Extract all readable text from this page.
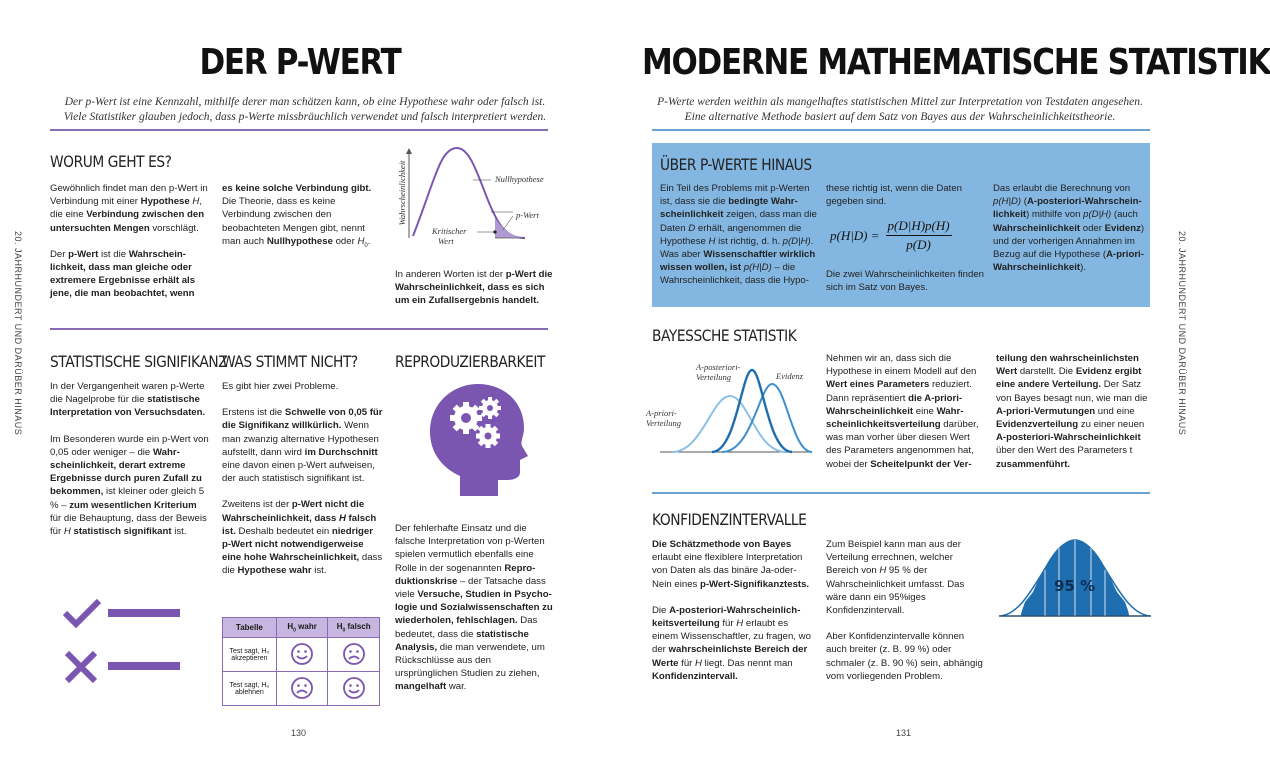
DER P-WERT
Der p-Wert ist eine Kennzahl, mithilfe derer man schätzen kann, ob eine Hypothese wahr oder falsch ist.
Viele Statistiker glauben jedoch, dass p-Werte missbräuchlich verwendet und falsch interpretiert werden.
WORUM GEHT ES?

Gewöhnlich findet man den p-Wert in Verbindung mit einer Hypothese H, die eine Verbindung zwischen den untersuchten Mengen vorschlägt.

Der p-Wert ist die Wahrscheinlichkeit, dass man gleiche oder extremere Ergebnisse erhält als jene, die man beobachtet, wenn

es keine solche Verbindung gibt. Die Theorie, dass es keine Verbindung zwischen den beobachteten Mengen gibt, nennt man auch Nullhypothese oder $H_0$.

Wahrscheinlichkeit	Nullhypothese
p-Wert
Kritischer
Wert

In anderen Worten ist der p-Wert die Wahrscheinlichkeit, dass es sich um ein Zufallsergebnis handelt.

STATISTISCHE SIGNIFIKANZ

In der Vergangenheit waren p-Werte die Nagelprobe für die statistische Interpretation von Versuchsdaten.

Im Besonderen wurde ein p-Wert von 0,05 oder weniger – die Wahrscheinlichkeit, derart extreme Ergebnisse durch puren Zufall zu bekommen, ist kleiner oder gleich 5 % – zum wesentlichen Kriterium für die Behauptung, dass der Beweis für H statistisch signifikant ist.

WAS STIMMT NICHT?

Es gibt hier zwei Probleme.

Erstens ist die Schwelle von 0,05 für die Signifikanz willkürlich. Wenn man zwanzig alternative Hypothesen aufstellt, dann wird im Durchschnitt eine davon einen p-Wert aufweisen, der auch statistisch signifikant ist.

Zweitens ist der p-Wert nicht die Wahrscheinlichkeit, dass H falsch ist. Deshalb bedeutet ein niedriger p-Wert nicht notwendigerweise eine hohe Wahrscheinlichkeit, dass die Hypothese wahr ist.

Tabelle	$H_0$ wahr	$H_0$ falsch
Test sagt, H₀ akzeptieren		
Test sagt, H₀ ablehnen		
REPRODUZIERBARKEIT

Der fehlerhafte Einsatz und die falsche Interpretation von p-Werten spielen vermutlich ebenfalls eine Rolle in der sogenannten Reproduktionskrise – der Tatsache dass viele Versuche, Studien in Psychologie und Sozialwissenschaften zu wiederholen, fehlschlagen. Das bedeutet, dass die statistische Analysis, die man verwendete, um Rückschlüsse aus den ursprünglichen Studien zu ziehen, mangelhaft war.

20. JAHRHUNDERT UND DARÜBER HINAUS
130
MODERNE MATHEMATISCHE STATISTIK
P-Werte werden weithin als mangelhaftes statistischen Mittel zur Interpretation von Testdaten angesehen.
Eine alternative Methode basiert auf dem Satz von Bayes aus der Wahrscheinlichkeitstheorie.
ÜBER P-WERTE HINAUS

Ein Teil des Problems mit p-Werten ist, dass sie die bedingte Wahrscheinlichkeit zeigen, dass man die Daten D erhält, angenommen die Hypothese H ist richtig, d. h. p(D|H). Was aber Wissenschaftler wirklich wissen wollen, ist p(H|D) – die Wahrscheinlichkeit, dass die Hypo-

these richtig ist, wenn die Daten gegeben sind.

p(H|D) =
p(D|H)p(H)
p(D)

Die zwei Wahrscheinlichkeiten finden sich im Satz von Bayes.

Das erlaubt die Berechnung von p(H|D) (A-posteriori-Wahrscheinlichkeit) mithilfe von p(D|H) (auch Wahrscheinlichkeit oder Evidenz) und der vorherigen Annahmen im Bezug auf die Hypothese (A-priori-Wahrscheinlichkeit).

BAYESSCHE STATISTIK
A-posteriori-
Verteilung	Evidenz
A-priori-
Verteilung

Nehmen wir an, dass sich die Hypothese in einem Modell auf den Wert eines Parameters reduziert. Dann repräsentiert die A-priori-Wahrscheinlichkeit eine Wahrscheinlichkeitsverteilung darüber, was man vorher über diesen Wert des Parameters angenommen hat, wobei der Scheitelpunkt der Ver-

teilung den wahrscheinlichsten Wert darstellt. Die Evidenz ergibt eine andere Verteilung. Der Satz von Bayes besagt nun, wie man die A-priori-Vermutungen und eine Evidenzverteilung zu einer neuen A-posteriori-Wahrscheinlichkeit über den Wert des Parameters t zusammenführt.

KONFIDENZINTERVALLE

Die Schätzmethode von Bayes erlaubt eine flexiblere Interpretation von Daten als das binäre Ja-oder-Nein eines p-Wert-Signifikanztests.

Die A-posteriori-Wahrscheinlichkeitsverteilung für H erlaubt es einem Wissenschaftler, zu fragen, wo der wahrscheinlichste Bereich der Werte für H liegt. Das nennt man Konfidenzintervall.

Zum Beispiel kann man aus der Verteilung errechnen, welcher Bereich von H 95 % der Wahrscheinlichkeit umfasst. Das wäre dann ein 95%iges Konfidenzintervall.

Aber Konfidenzintervalle können auch breiter (z. B. 99 %) oder schmaler (z. B. 90 %) sein, abhängig vom vorliegenden Problem.

95 %
20. JAHRHUNDERT UND DARÜBER HINAUS
131
